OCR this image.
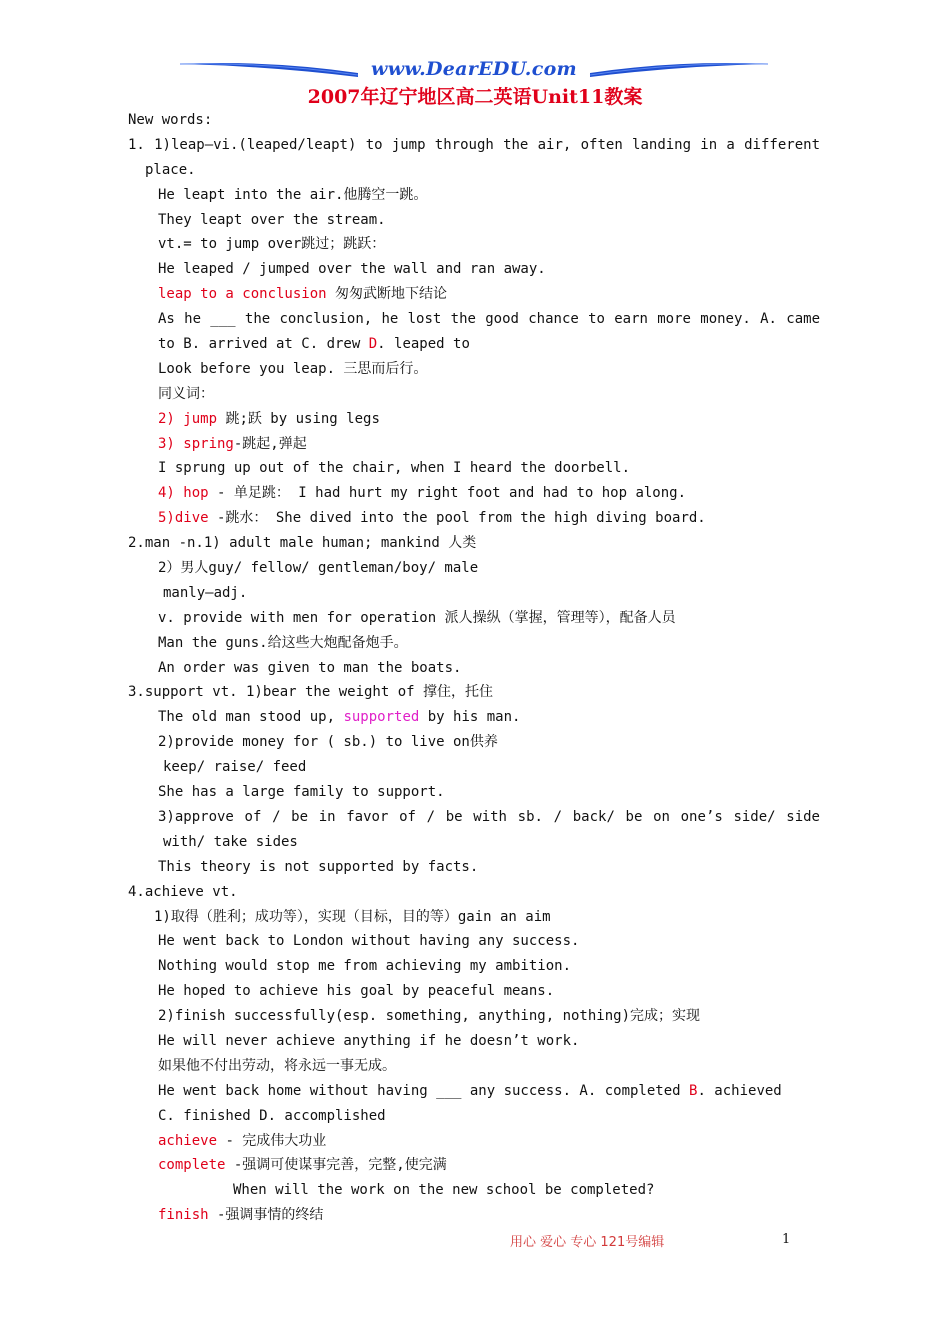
www.DearEDU.com
2007年辽宁地区高二英语Unit11教案
New words:
1. 1)leap—vi.(leaped/leapt) to jump through the air, often landing in a different
place.
He leapt into the air.他腾空一跳。
They leapt over the stream.
vt.= to jump over跳过；跳跃：
He leaped / jumped over the wall and ran away.
leap to a conclusion 匆匆武断地下结论
As he ___ the conclusion, he lost the good chance to earn more money. A. came
to B. arrived at C. drew D. leaped to
Look before you leap. 三思而后行。
同义词：
2) jump 跳;跃 by using legs
3) spring-跳起,弹起
I sprung up out of the chair, when I heard the doorbell.
4) hop - 单足跳： I had hurt my right foot and had to hop along.
5)dive -跳水： She dived into the pool from the high diving board.
2.man -n.1) adult male human; mankind 人类
2）男人guy/ fellow/ gentleman/boy/ male
manly—adj.
v. provide with men for operation 派人操纵（掌握，管理等），配备人员
Man the guns.给这些大炮配备炮手。
An order was given to man the boats.
3.support vt. 1)bear the weight of 撑住，托住
The old man stood up, supported by his man.
2)provide money for ( sb.) to live on供养
keep/ raise/ feed
She has a large family to support.
3)approve of / be in favor of / be with sb. / back/ be on one’s side/ side
with/ take sides
This theory is not supported by facts.
4.achieve vt.
1)取得（胜利；成功等），实现（目标，目的等）gain an aim
He went back to London without having any success.
Nothing would stop me from achieving my ambition.
He hoped to achieve his goal by peaceful means.
2)finish successfully(esp. something, anything, nothing)完成；实现
He will never achieve anything if he doesn’t work.
如果他不付出劳动，将永远一事无成。
He went back home without having ___ any success. A. completed B. achieved
C. finished D. accomplished
achieve - 完成伟大功业
complete -强调可使谋事完善，完整,使完满
When will the work on the new school be completed?
finish -强调事情的终结
用心 爱心 专心 121号编辑	1
